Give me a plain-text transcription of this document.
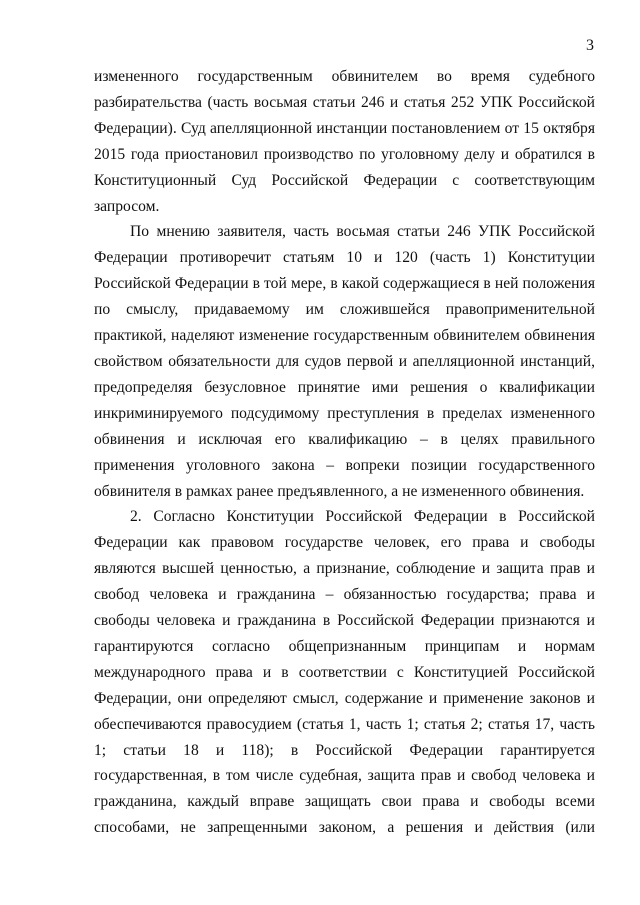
3

измененного государственным обвинителем во время судебного разбирательства (часть восьмая статьи 246 и статья 252 УПК Российской Федерации). Суд апелляционной инстанции постановлением от 15 октября 2015 года приостановил производство по уголовному делу и обратился в Конституционный Суд Российской Федерации с соответствующим запросом.

По мнению заявителя, часть восьмая статьи 246 УПК Российской Федерации противоречит статьям 10 и 120 (часть 1) Конституции Российской Федерации в той мере, в какой содержащиеся в ней положения по смыслу, придаваемому им сложившейся правоприменительной практикой, наделяют изменение государственным обвинителем обвинения свойством обязательности для судов первой и апелляционной инстанций, предопределяя безусловное принятие ими решения о квалификации инкриминируемого подсудимому преступления в пределах измененного обвинения и исключая его квалификацию – в целях правильного применения уголовного закона – вопреки позиции государственного обвинителя в рамках ранее предъявленного, а не измененного обвинения.

2. Согласно Конституции Российской Федерации в Российской Федерации как правовом государстве человек, его права и свободы являются высшей ценностью, а признание, соблюдение и защита прав и свобод человека и гражданина – обязанностью государства; права и свободы человека и гражданина в Российской Федерации признаются и гарантируются согласно общепризнанным принципам и нормам международного права и в соответствии с Конституцией Российской Федерации, они определяют смысл, содержание и применение законов и обеспечиваются правосудием (статья 1, часть 1; статья 2; статья 17, часть 1; статьи 18 и 118); в Российской Федерации гарантируется государственная, в том числе судебная, защита прав и свобод человека и гражданина, каждый вправе защищать свои права и свободы всеми способами, не запрещенными законом, а решения и действия (или
